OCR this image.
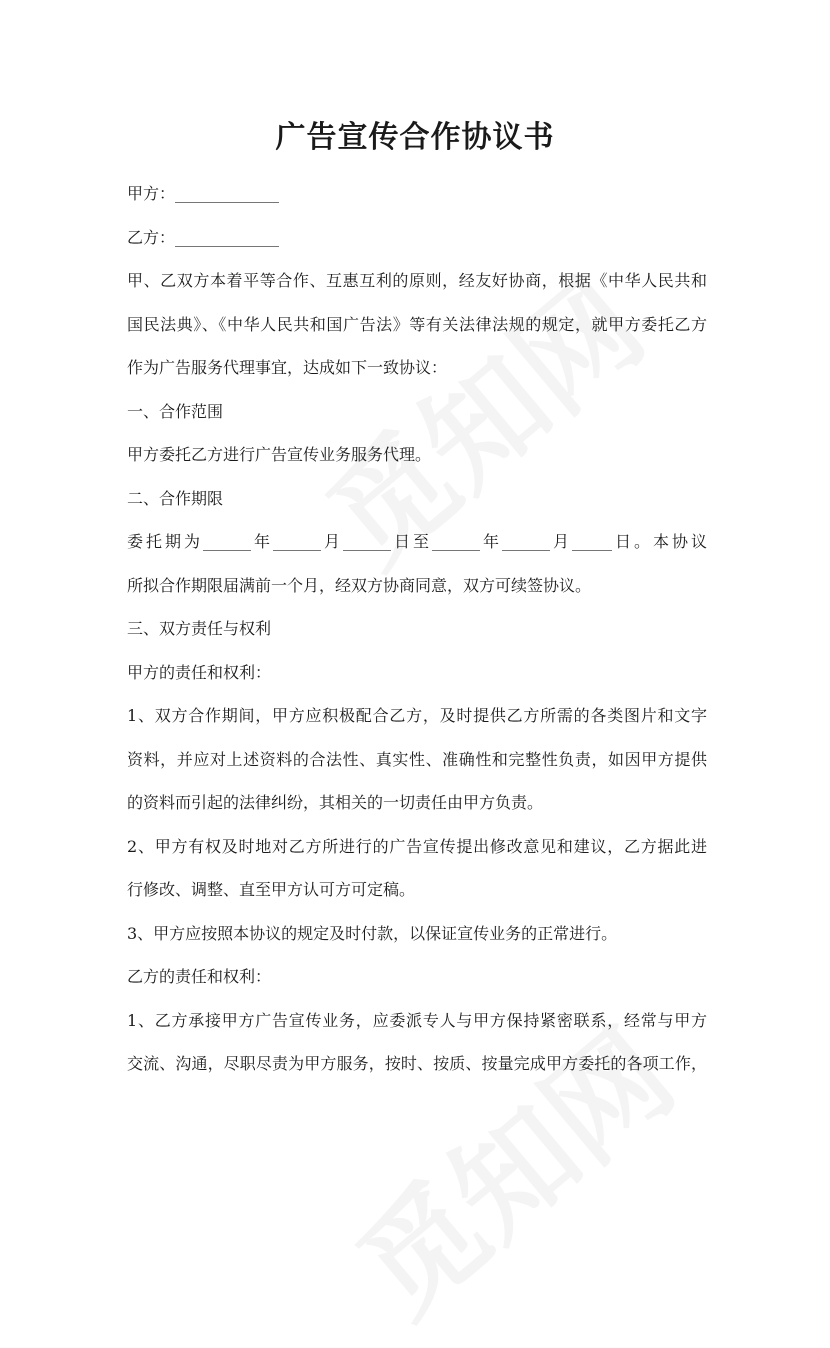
广告宣传合作协议书

甲方：_____________

乙方：_____________

甲、乙双方本着平等合作、互惠互利的原则，经友好协商，根据《中华人民共和

国民法典》、《中华人民共和国广告法》等有关法律法规的规定，就甲方委托乙方

作为广告服务代理事宜，达成如下一致协议：

一、合作范围

甲方委托乙方进行广告宣传业务服务代理。

二、合作期限

委托期为______年______月______日至______年______月_____日。本协议

所拟合作期限届满前一个月，经双方协商同意，双方可续签协议。

三、双方责任与权利

甲方的责任和权利：

1、双方合作期间，甲方应积极配合乙方，及时提供乙方所需的各类图片和文字

资料，并应对上述资料的合法性、真实性、准确性和完整性负责，如因甲方提供

的资料而引起的法律纠纷，其相关的一切责任由甲方负责。

2、甲方有权及时地对乙方所进行的广告宣传提出修改意见和建议，乙方据此进

行修改、调整、直至甲方认可方可定稿。

3、甲方应按照本协议的规定及时付款，以保证宣传业务的正常进行。

乙方的责任和权利：

1、乙方承接甲方广告宣传业务，应委派专人与甲方保持紧密联系，经常与甲方

交流、沟通，尽职尽责为甲方服务，按时、按质、按量完成甲方委托的各项工作，
